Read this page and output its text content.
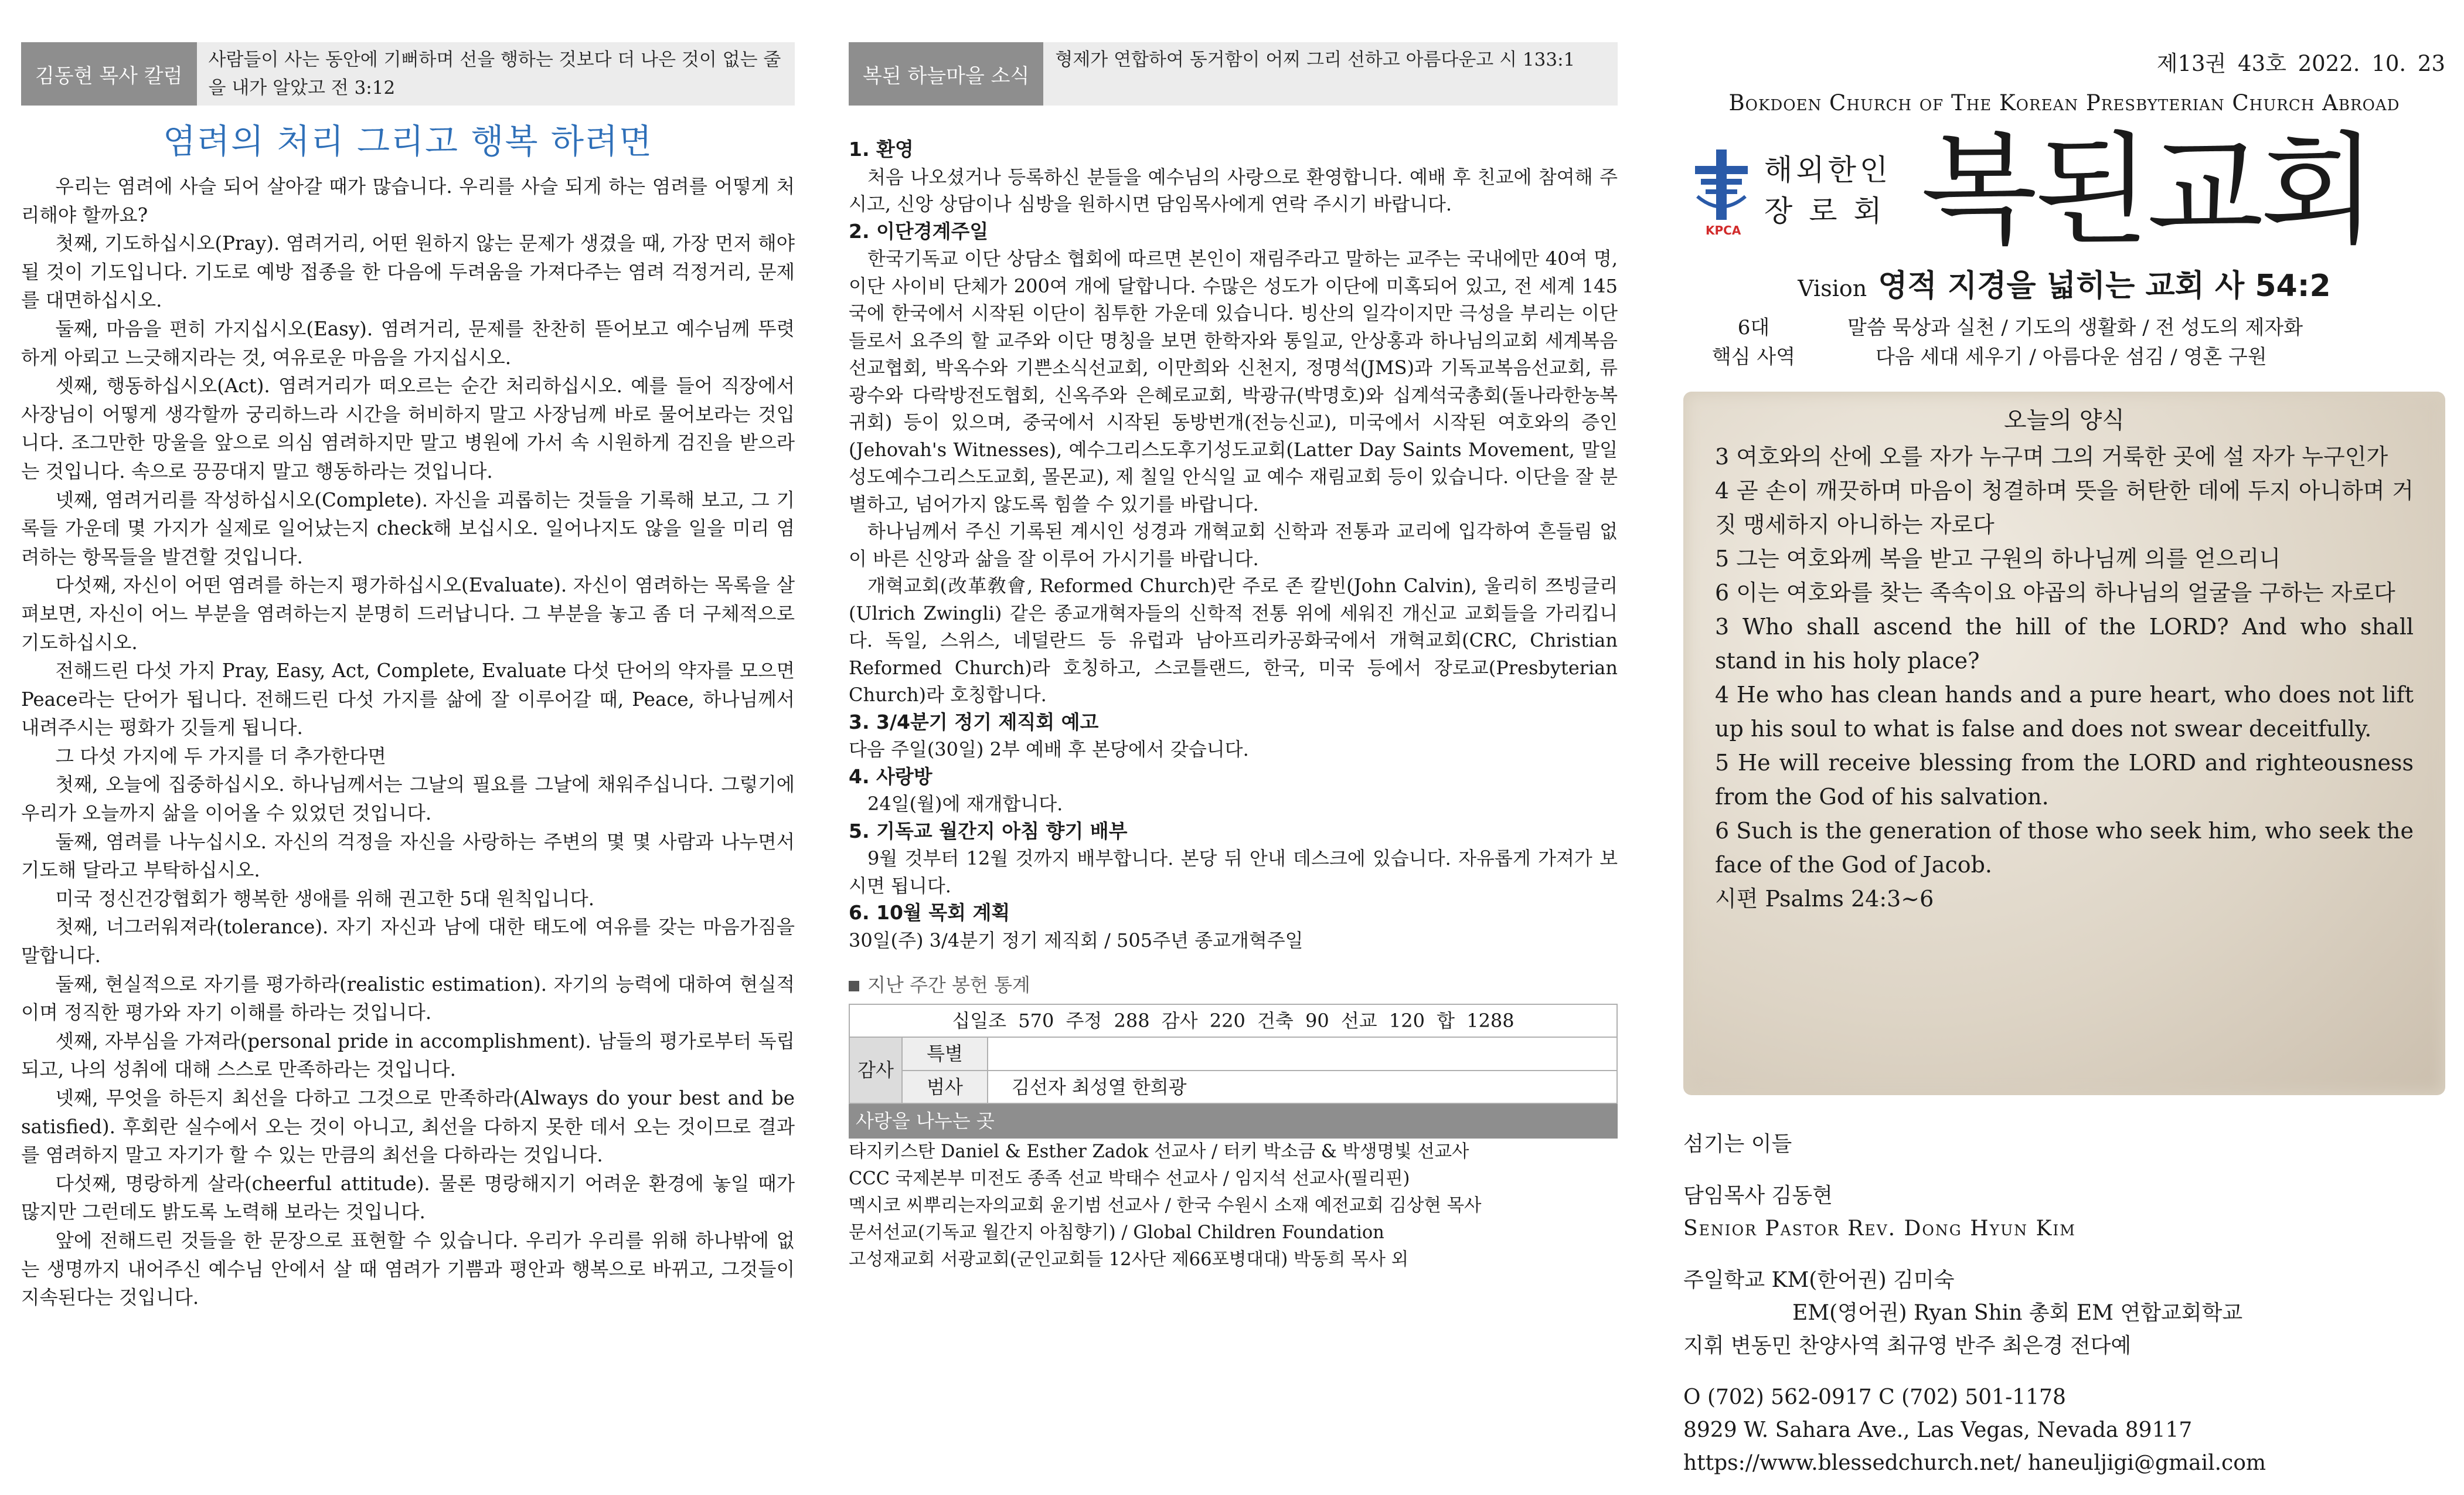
김동현 목사 칼럼
사람들이 사는 동안에 기뻐하며 선을 행하는 것보다 더 나은 것이 없는 줄을 내가 알았고 전 3:12
염려의 처리 그리고 행복 하려면

우리는 염려에 사슬 되어 살아갈 때가 많습니다. 우리를 사슬 되게 하는 염려를 어떻게 처리해야 할까요?

첫째, 기도하십시오(Pray). 염려거리, 어떤 원하지 않는 문제가 생겼을 때, 가장 먼저 해야 될 것이 기도입니다. 기도로 예방 접종을 한 다음에 두려움을 가져다주는 염려 걱정거리, 문제를 대면하십시오.

둘째, 마음을 편히 가지십시오(Easy). 염려거리, 문제를 찬찬히 뜯어보고 예수님께 뚜렷하게 아뢰고 느긋해지라는 것, 여유로운 마음을 가지십시오.

셋째, 행동하십시오(Act). 염려거리가 떠오르는 순간 처리하십시오. 예를 들어 직장에서 사장님이 어떻게 생각할까 궁리하느라 시간을 허비하지 말고 사장님께 바로 물어보라는 것입니다. 조그만한 망울을 앞으로 의심 염려하지만 말고 병원에 가서 속 시원하게 검진을 받으라는 것입니다. 속으로 끙끙대지 말고 행동하라는 것입니다.

넷째, 염려거리를 작성하십시오(Complete). 자신을 괴롭히는 것들을 기록해 보고, 그 기록들 가운데 몇 가지가 실제로 일어났는지 check해 보십시오. 일어나지도 않을 일을 미리 염려하는 항목들을 발견할 것입니다.

다섯째, 자신이 어떤 염려를 하는지 평가하십시오(Evaluate). 자신이 염려하는 목록을 살펴보면, 자신이 어느 부분을 염려하는지 분명히 드러납니다. 그 부분을 놓고 좀 더 구체적으로 기도하십시오.

전해드린 다섯 가지 Pray, Easy, Act, Complete, Evaluate 다섯 단어의 약자를 모으면 Peace라는 단어가 됩니다. 전해드린 다섯 가지를 삶에 잘 이루어갈 때, Peace, 하나님께서 내려주시는 평화가 깃들게 됩니다.

그 다섯 가지에 두 가지를 더 추가한다면

첫째, 오늘에 집중하십시오. 하나님께서는 그날의 필요를 그날에 채워주십니다. 그렇기에 우리가 오늘까지 삶을 이어올 수 있었던 것입니다.

둘째, 염려를 나누십시오. 자신의 걱정을 자신을 사랑하는 주변의 몇 몇 사람과 나누면서 기도해 달라고 부탁하십시오.

미국 정신건강협회가 행복한 생애를 위해 권고한 5대 원칙입니다.

첫째, 너그러워져라(tolerance). 자기 자신과 남에 대한 태도에 여유를 갖는 마음가짐을 말합니다.

둘째, 현실적으로 자기를 평가하라(realistic estimation). 자기의 능력에 대하여 현실적이며 정직한 평가와 자기 이해를 하라는 것입니다.

셋째, 자부심을 가져라(personal pride in accomplishment). 남들의 평가로부터 독립되고, 나의 성취에 대해 스스로 만족하라는 것입니다.

넷째, 무엇을 하든지 최선을 다하고 그것으로 만족하라(Always do your best and be satisfied). 후회란 실수에서 오는 것이 아니고, 최선을 다하지 못한 데서 오는 것이므로 결과를 염려하지 말고 자기가 할 수 있는 만큼의 최선을 다하라는 것입니다.

다섯째, 명랑하게 살라(cheerful attitude). 물론 명랑해지기 어려운 환경에 놓일 때가 많지만 그런데도 밝도록 노력해 보라는 것입니다.

앞에 전해드린 것들을 한 문장으로 표현할 수 있습니다. 우리가 우리를 위해 하나밖에 없는 생명까지 내어주신 예수님 안에서 살 때 염려가 기쁨과 평안과 행복으로 바뀌고, 그것들이 지속된다는 것입니다.

복된 하늘마을 소식
형제가 연합하여 동거함이 어찌 그리 선하고 아름다운고 시 133:1
1. 환영

처음 나오셨거나 등록하신 분들을 예수님의 사랑으로 환영합니다. 예배 후 친교에 참여해 주시고, 신앙 상담이나 심방을 원하시면 담임목사에게 연락 주시기 바랍니다.

2. 이단경계주일

한국기독교 이단 상담소 협회에 따르면 본인이 재림주라고 말하는 교주는 국내에만 40여 명, 이단 사이비 단체가 200여 개에 달합니다. 수많은 성도가 이단에 미혹되어 있고, 전 세계 145국에 한국에서 시작된 이단이 침투한 가운데 있습니다. 빙산의 일각이지만 극성을 부리는 이단들로서 요주의 할 교주와 이단 명칭을 보면 한학자와 통일교, 안상홍과 하나님의교회 세계복음선교협회, 박옥수와 기쁜소식선교회, 이만희와 신천지, 정명석(JMS)과 기독교복음선교회, 류광수와 다락방전도협회, 신옥주와 은혜로교회, 박광규(박명호)와 십계석국총회(돌나라한농복귀회) 등이 있으며, 중국에서 시작된 동방번개(전능신교), 미국에서 시작된 여호와의 증인(Jehovah's Witnesses), 예수그리스도후기성도교회(Latter Day Saints Movement, 말일성도예수그리스도교회, 몰몬교), 제 칠일 안식일 교 예수 재림교회 등이 있습니다. 이단을 잘 분별하고, 넘어가지 않도록 힘쓸 수 있기를 바랍니다.

하나님께서 주신 기록된 계시인 성경과 개혁교회 신학과 전통과 교리에 입각하여 흔들림 없이 바른 신앙과 삶을 잘 이루어 가시기를 바랍니다.

개혁교회(改革敎會, Reformed Church)란 주로 존 칼빈(John Calvin), 울리히 쯔빙글리(Ulrich Zwingli) 같은 종교개혁자들의 신학적 전통 위에 세워진 개신교 교회들을 가리킵니다. 독일, 스위스, 네덜란드 등 유럽과 남아프리카공화국에서 개혁교회(CRC, Christian Reformed Church)라 호칭하고, 스코틀랜드, 한국, 미국 등에서 장로교(Presbyterian Church)라 호칭합니다.

3. 3/4분기 정기 제직회 예고

다음 주일(30일) 2부 예배 후 본당에서 갖습니다.

4. 사랑방

24일(월)에 재개합니다.

5. 기독교 월간지 아침 향기 배부

9월 것부터 12월 것까지 배부합니다. 본당 뒤 안내 데스크에 있습니다. 자유롭게 가져가 보시면 됩니다.

6. 10월 목회 계획

30일(주) 3/4분기 정기 제직회 / 505주년 종교개혁주일

지난 주간 봉헌 통계
십일조 570 주정 288 감사 220 건축 90 선교 120 합 1288		
감사	특별	
	범사	김선자 최성열 한희광
사랑을 나누는 곳
타지키스탄 Daniel & Esther Zadok 선교사 / 터키 박소금 & 박생명빛 선교사
CCC 국제본부 미전도 종족 선교 박태수 선교사 / 임지석 선교사(필리핀)
멕시코 씨뿌리는자의교회 윤기범 선교사 / 한국 수원시 소재 예전교회 김상현 목사
문서선교(기독교 월간지 아침향기) / Global Children Foundation
고성재교회 서광교회(군인교회들 12사단 제66포병대대) 박동희 목사 외
제13권 43호 2022. 10. 23
Bokdoen Church of The Korean Presbyterian Church Abroad
KPCA
해외한인
장 로 회 복된교회
Vision 영적 지경을 넓히는 교회 사 54:2
6대
핵심 사역
말씀 묵상과 실천 / 기도의 생활화 / 전 성도의 제자화
다음 세대 세우기 / 아름다운 섬김 / 영혼 구원
오늘의 양식

3 여호와의 산에 오를 자가 누구며 그의 거룩한 곳에 설 자가 누구인가

4 곧 손이 깨끗하며 마음이 청결하며 뜻을 허탄한 데에 두지 아니하며 거짓 맹세하지 아니하는 자로다

5 그는 여호와께 복을 받고 구원의 하나님께 의를 얻으리니

6 이는 여호와를 찾는 족속이요 야곱의 하나님의 얼굴을 구하는 자로다

3 Who shall ascend the hill of the LORD? And who shall stand in his holy place?

4 He who has clean hands and a pure heart, who does not lift up his soul to what is false and does not swear deceitfully.

5 He will receive blessing from the LORD and righteousness from the God of his salvation.

6 Such is the generation of those who seek him, who seek the face of the God of Jacob.

시편 Psalms 24:3~6

섬기는 이들
담임목사 김동현
Senior Pastor Rev. Dong Hyun Kim
주일학교 KM(한어권) 김미숙
EM(영어권) Ryan Shin 총회 EM 연합교회학교
지휘 변동민 찬양사역 최규영 반주 최은경 전다예
O (702) 562-0917 C (702) 501-1178
8929 W. Sahara Ave., Las Vegas, Nevada 89117
https://www.blessedchurch.net/ haneuljigi@gmail.com
